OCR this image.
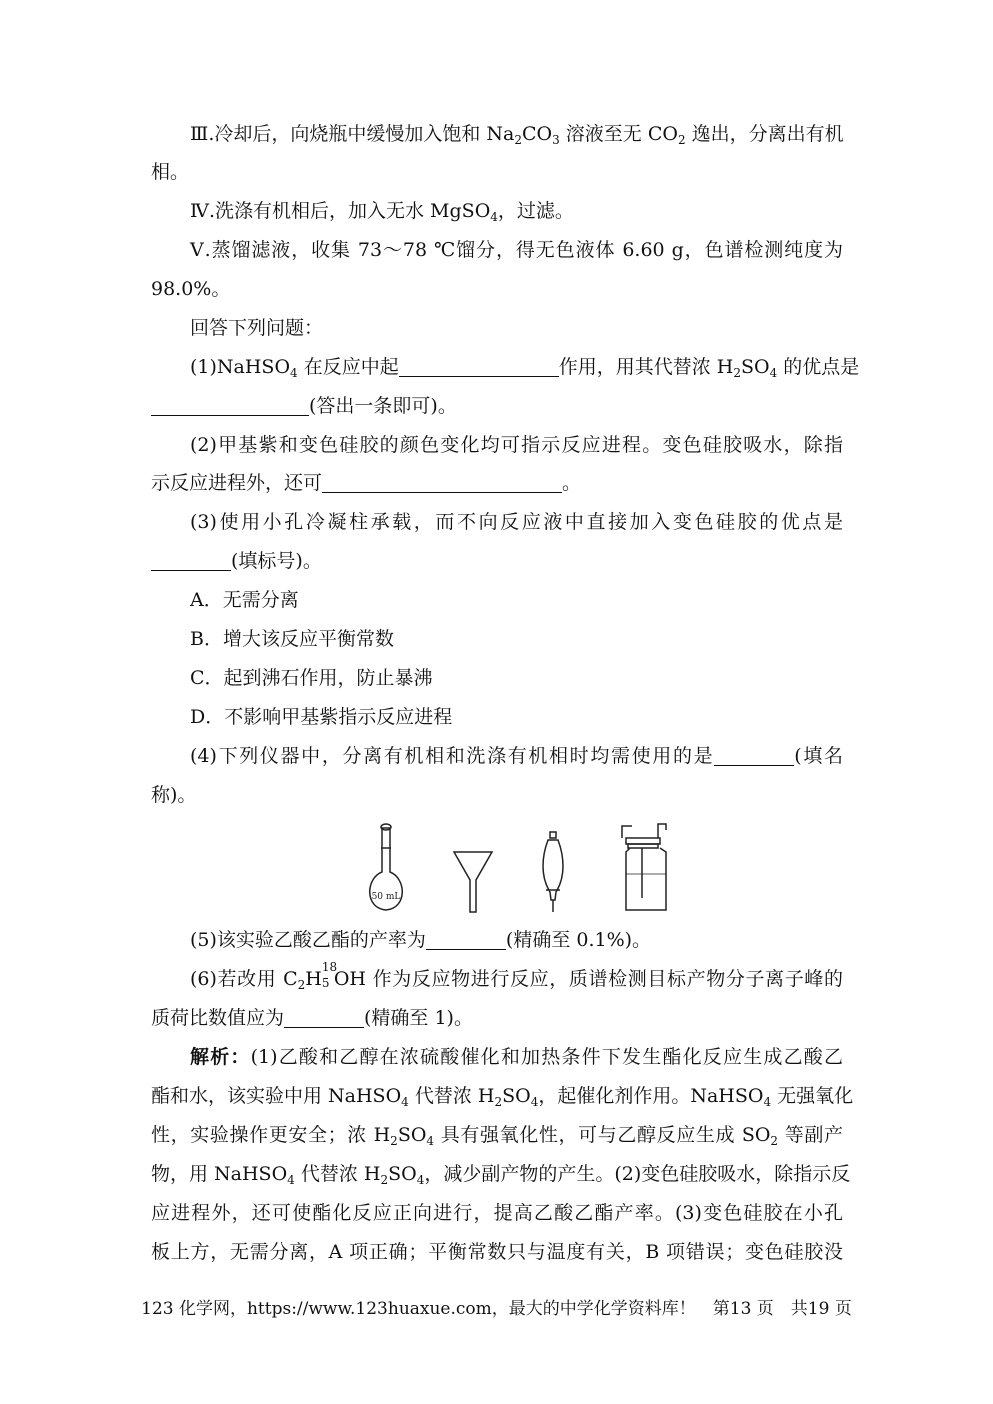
Ⅲ.冷却后，向烧瓶中缓慢加入饱和 $Na_2CO_3$ 溶液至无 $CO_2$ 逸出，分离出有机
相。
Ⅳ.洗涤有机相后，加入无水 MgSO$_4$，过滤。
Ⅴ.蒸馏滤液，收集 73～78 ℃馏分，得无色液体 6.60 g，色谱检测纯度为
98.0%。
回答下列问题：
(1)NaHSO$_4$ 在反应中起	作用，用其代替浓 $H_2SO_4$ 的优点是
(答出一条即可)。
(2)甲基紫和变色硅胶的颜色变化均可指示反应进程。变色硅胶吸水，除指
示反应进程外，还可	。
(3)使用小孔冷凝柱承载，而不向反应液中直接加入变色硅胶的优点是
(填标号)。
A．无需分离
B．增大该反应平衡常数
C．起到沸石作用，防止暴沸
D．不影响甲基紫指示反应进程
(4)下列仪器中，分离有机相和洗涤有机相时均需使用的是	(填名
称)。
50 mL
(5)该实验乙酸乙酯的产率为	(精确至 0.1%)。
(6)若改用 $C_2H$
18
5 OH 作为反应物进行反应，质谱检测目标产物分子离子峰的
质荷比数值应为	(精确至 1)。
解析：(1)乙酸和乙醇在浓硫酸催化和加热条件下发生酯化反应生成乙酸乙
酯和水，该实验中用 NaHSO$_4$ 代替浓 $H_2SO_4$，起催化剂作用。NaHSO$_4$ 无强氧化
性，实验操作更安全；浓 $H_2SO_4$ 具有强氧化性，可与乙醇反应生成 $SO_2$ 等副产
物，用 NaHSO$_4$ 代替浓 $H_2SO_4$，减少副产物的产生。(2)变色硅胶吸水，除指示反
应进程外，还可使酯化反应正向进行，提高乙酸乙酯产率。(3)变色硅胶在小孔
板上方，无需分离，A 项正确；平衡常数只与温度有关，B 项错误；变色硅胶没
123 化学网，https://www.123huaxue.com，最大的中学化学资料库！　第13 页　共19 页
